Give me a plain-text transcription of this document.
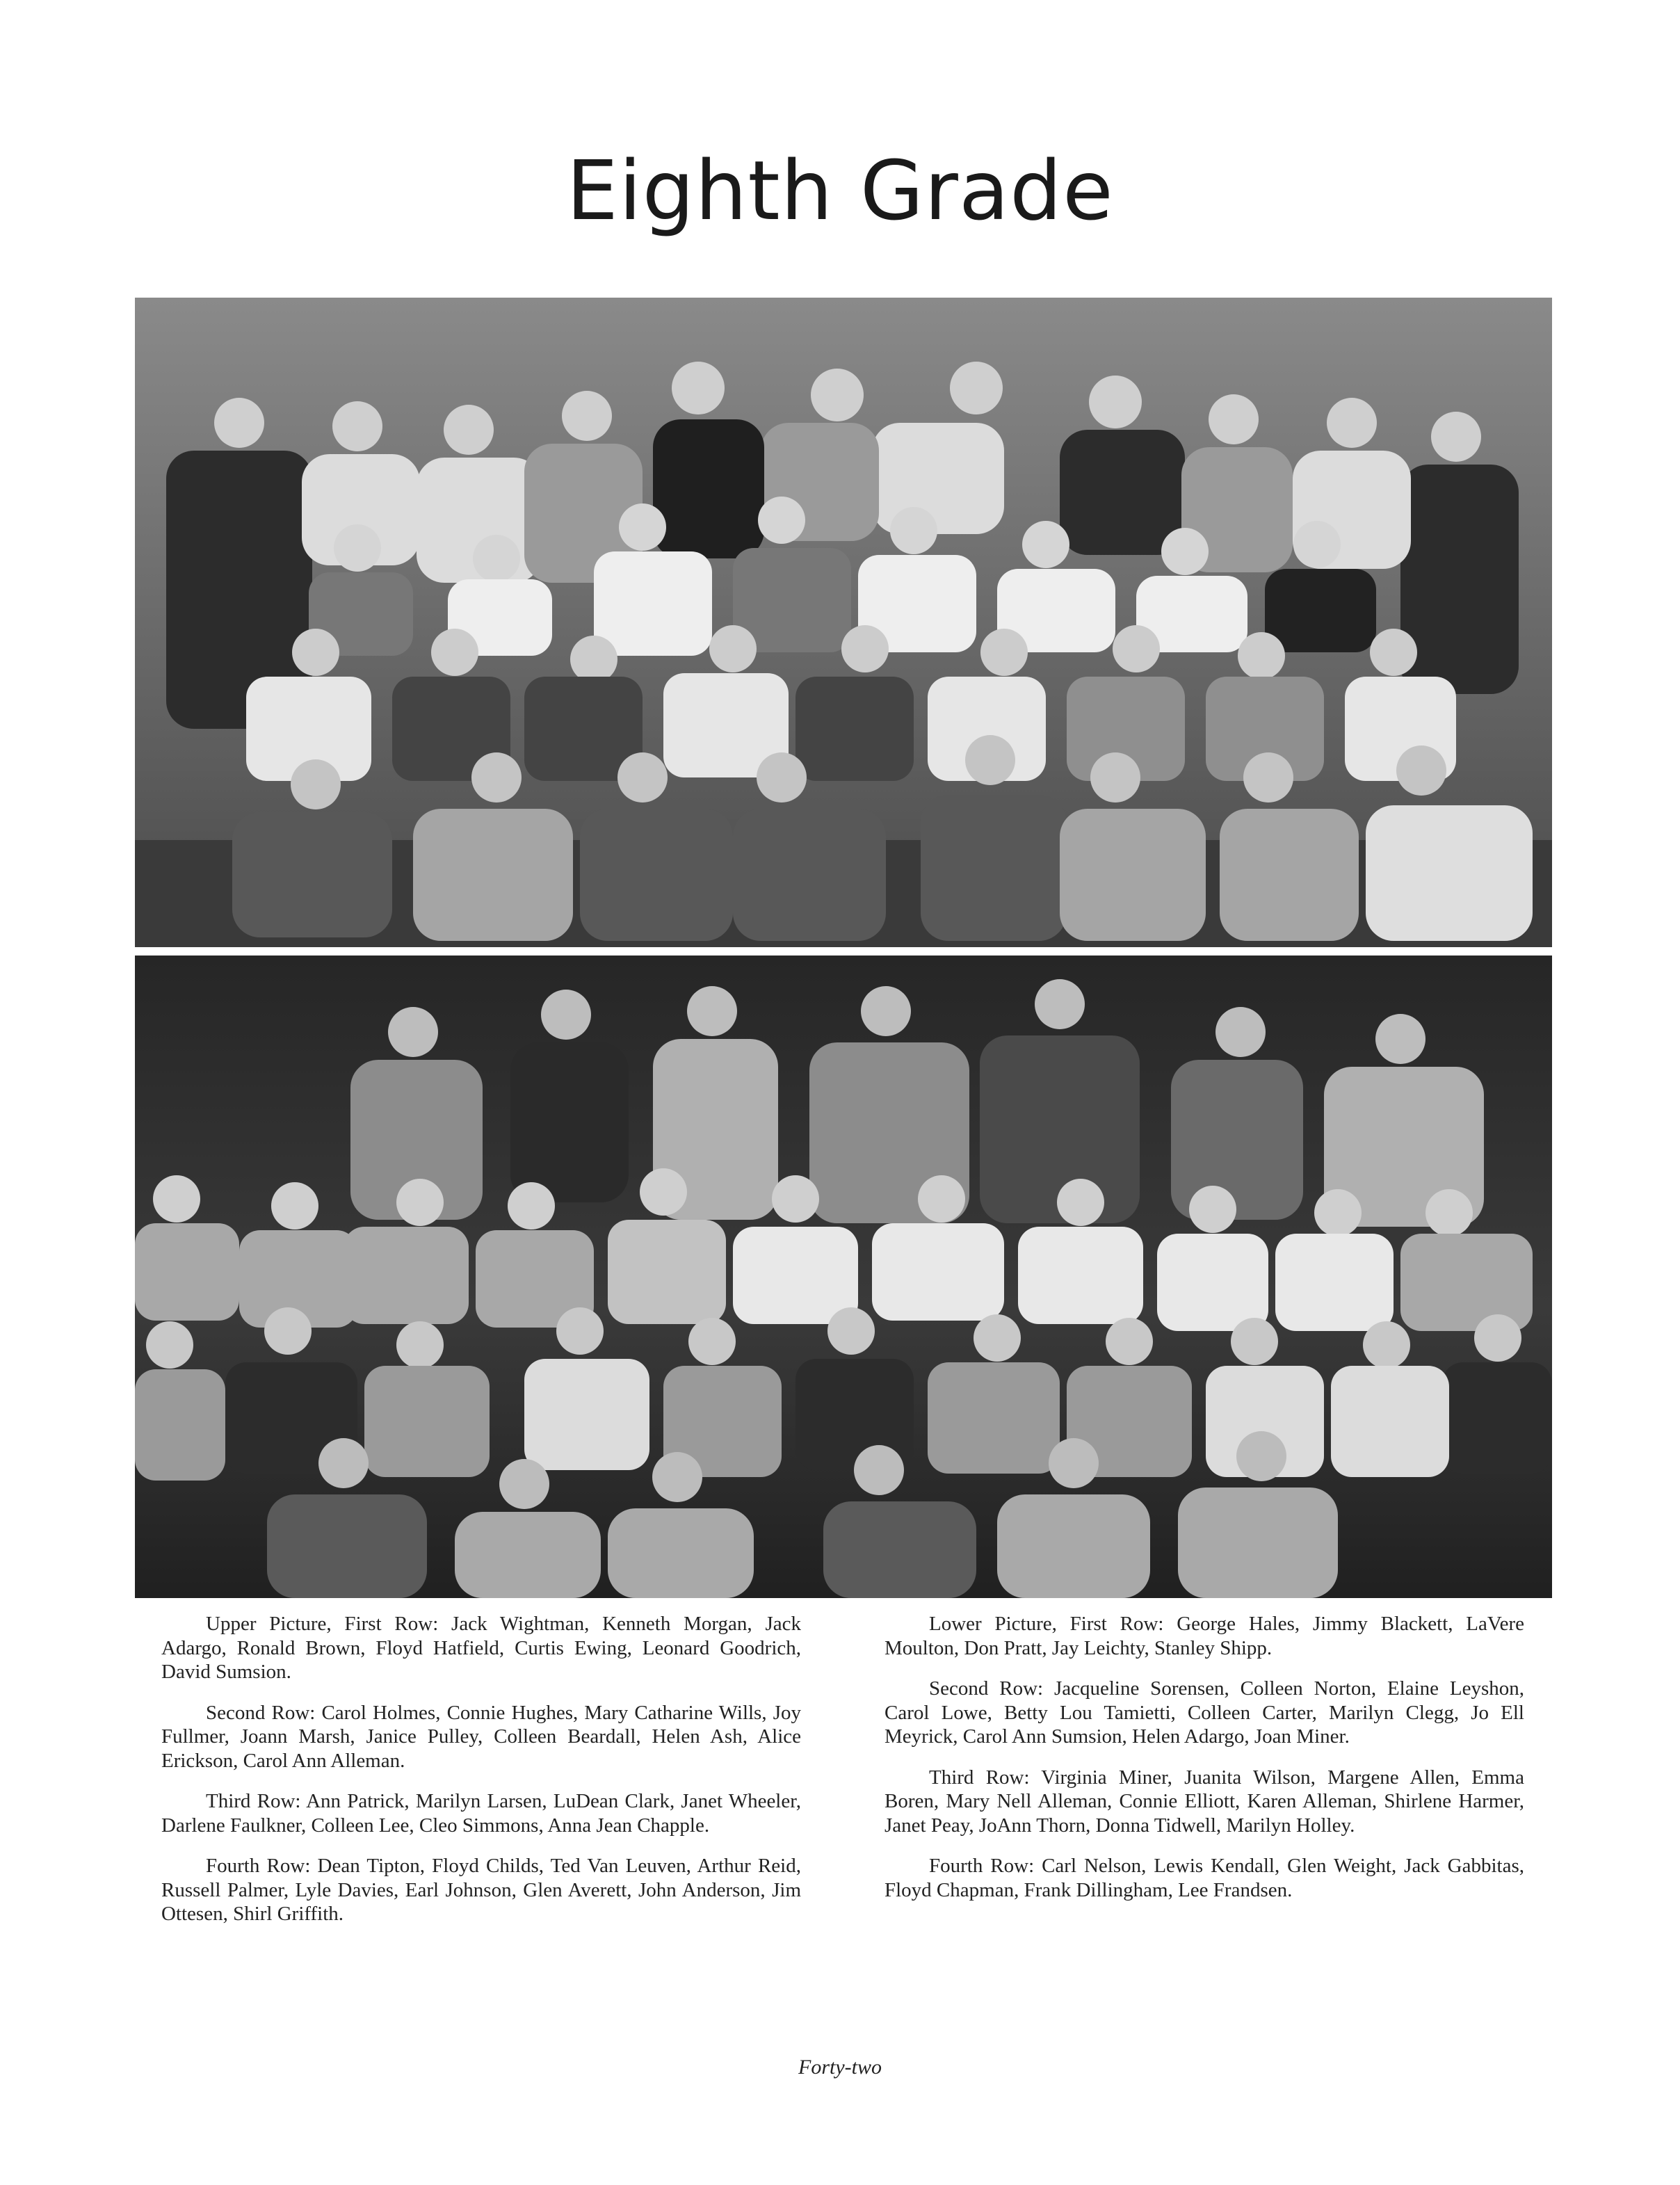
Eighth Grade

Upper Picture, First Row: Jack Wightman, Kenneth Morgan, Jack Adargo, Ronald Brown, Floyd Hatfield, Curtis Ewing, Leonard Goodrich, David Sumsion.

Second Row: Carol Holmes, Connie Hughes, Mary Catharine Wills, Joy Fullmer, Joann Marsh, Janice Pulley, Colleen Beardall, Helen Ash, Alice Erickson, Carol Ann Alleman.

Third Row: Ann Patrick, Marilyn Larsen, LuDean Clark, Janet Wheeler, Darlene Faulkner, Colleen Lee, Cleo Simmons, Anna Jean Chapple.

Fourth Row: Dean Tipton, Floyd Childs, Ted Van Leuven, Arthur Reid, Russell Palmer, Lyle Davies, Earl Johnson, Glen Averett, John Anderson, Jim Ottesen, Shirl Griffith.

Lower Picture, First Row: George Hales, Jimmy Blackett, LaVere Moulton, Don Pratt, Jay Leichty, Stanley Shipp.

Second Row: Jacqueline Sorensen, Colleen Norton, Elaine Leyshon, Carol Lowe, Betty Lou Tamietti, Colleen Carter, Marilyn Clegg, Jo Ell Meyrick, Carol Ann Sumsion, Helen Adargo, Joan Miner.

Third Row: Virginia Miner, Juanita Wilson, Margene Allen, Emma Boren, Mary Nell Alleman, Connie Elliott, Karen Alleman, Shirlene Harmer, Janet Peay, JoAnn Thorn, Donna Tidwell, Marilyn Holley.

Fourth Row: Carl Nelson, Lewis Kendall, Glen Weight, Jack Gabbitas, Floyd Chapman, Frank Dillingham, Lee Frandsen.

Forty-two
